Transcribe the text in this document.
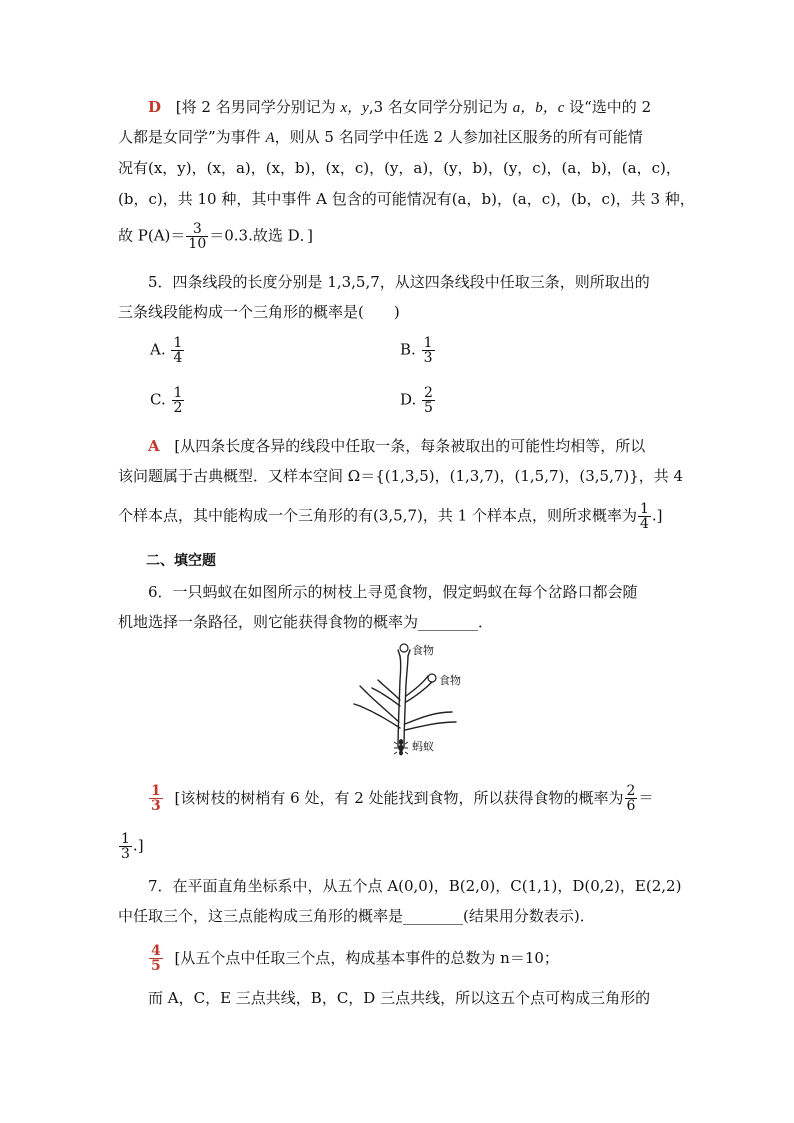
D [将 2 名男同学分别记为 x，y,3 名女同学分别记为 a，b，c 设“选中的 2
人都是女同学”为事件 A，则从 5 名同学中任选 2 人参加社区服务的所有可能情
况有(x，y)，(x，a)，(x，b)，(x，c)，(y，a)，(y，b)，(y，c)，(a，b)，(a，c)，
(b，c)，共 10 种，其中事件 A 包含的可能情况有(a，b)，(a，c)，(b，c)，共 3 种，
故 $P(A)= \frac{3}{10} =0.3$.故选 D．]
5．四条线段的长度分别是 1,3,5,7，从这四条线段中任取三条，则所取出的
三条线段能构成一个三角形的概率是(　　)
A. $\frac{1}{4}$	B. $\frac{1}{3}$
C. $\frac{1}{2}$	D. $\frac{2}{5}$
A [从四条长度各异的线段中任取一条，每条被取出的可能性均相等，所以
该问题属于古典概型．又样本空间 Ω＝{(1,3,5)，(1,3,7)，(1,5,7)，(3,5,7)}，共 4
个样本点，其中能构成一个三角形的有(3,5,7)，共 1 个样本点，则所求概率为 $\frac{1}{4}$ .]
二、填空题
6．一只蚂蚁在如图所示的树枝上寻觅食物，假定蚂蚁在每个岔路口都会随
机地选择一条路径，则它能获得食物的概率为________．
食物
食物
蚂蚁
$\frac{1}{3}$ [该树枝的树梢有 6 处，有 2 处能找到食物，所以获得食物的概率为 $\frac{2}{6}$ ＝
$\frac{1}{3}$ .]
7．在平面直角坐标系中，从五个点 A(0,0)，B(2,0)，C(1,1)，D(0,2)，E(2,2)
中任取三个，这三点能构成三角形的概率是________(结果用分数表示)．
$\frac{4}{5}$ [从五个点中任取三个点，构成基本事件的总数为 n＝10；
而 A，C，E 三点共线，B，C，D 三点共线，所以这五个点可构成三角形的
